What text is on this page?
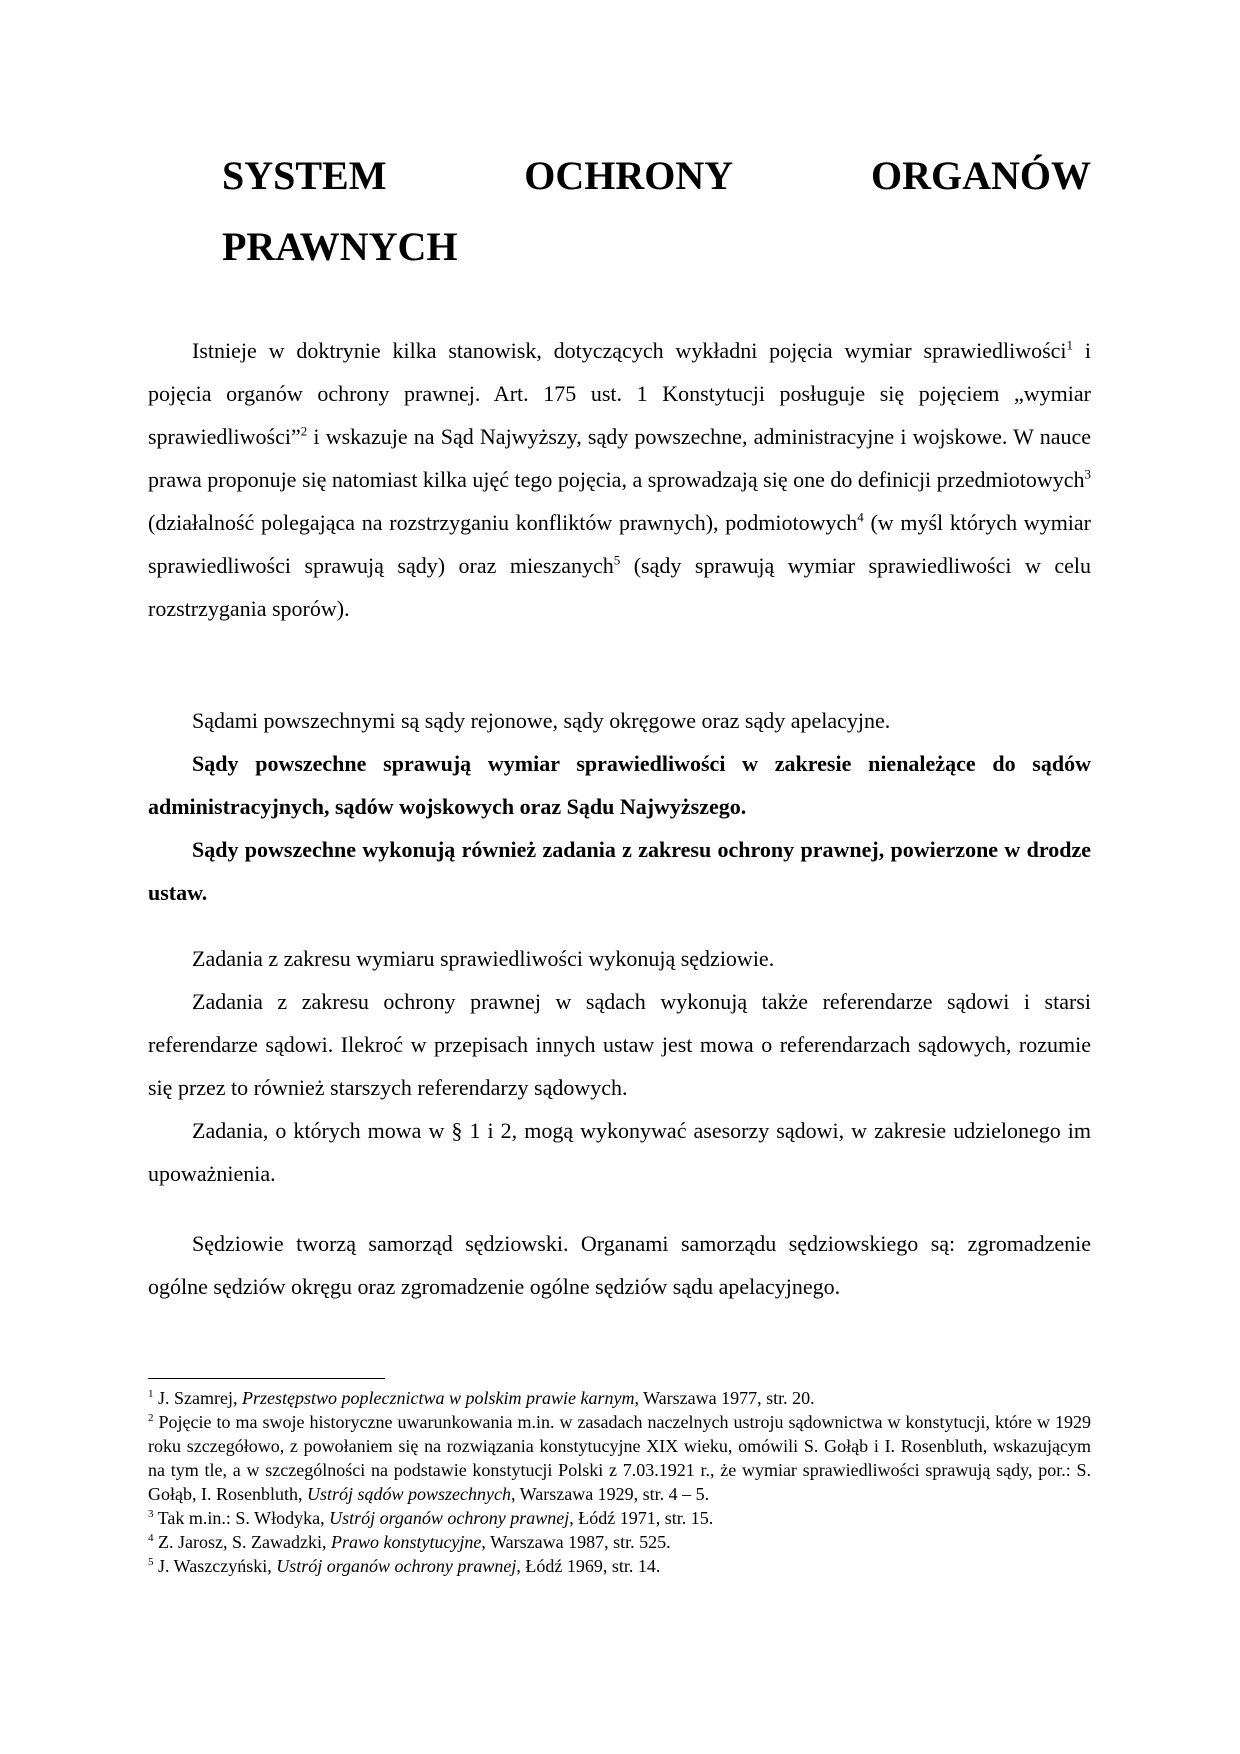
SYSTEM	OCHRONY	ORGANÓW
PRAWNYCH

Istnieje w doktrynie kilka stanowisk, dotyczących wykładni pojęcia wymiar sprawiedliwości$^1$ i pojęcia organów ochrony prawnej. Art. 175 ust. 1 Konstytucji posługuje się pojęciem „wymiar sprawiedliwości”$^2$ i wskazuje na Sąd Najwyższy, sądy powszechne, administracyjne i wojskowe. W nauce prawa proponuje się natomiast kilka ujęć tego pojęcia, a sprowadzają się one do definicji przedmiotowych$^3$ (działalność polegająca na rozstrzyganiu konfliktów prawnych), podmiotowych$^4$ (w myśl których wymiar sprawiedliwości sprawują sądy) oraz mieszanych$^5$ (sądy sprawują wymiar sprawiedliwości w celu rozstrzygania sporów).

Sądami powszechnymi są sądy rejonowe, sądy okręgowe oraz sądy apelacyjne.

Sądy powszechne sprawują wymiar sprawiedliwości w zakresie nienależące do sądów administracyjnych, sądów wojskowych oraz Sądu Najwyższego.

Sądy powszechne wykonują również zadania z zakresu ochrony prawnej, powierzone w drodze ustaw.

Zadania z zakresu wymiaru sprawiedliwości wykonują sędziowie.

Zadania z zakresu ochrony prawnej w sądach wykonują także referendarze sądowi i starsi referendarze sądowi. Ilekroć w przepisach innych ustaw jest mowa o referendarzach sądowych, rozumie się przez to również starszych referendarzy sądowych.

Zadania, o których mowa w § 1 i 2, mogą wykonywać asesorzy sądowi, w zakresie udzielonego im upoważnienia.

Sędziowie tworzą samorząd sędziowski. Organami samorządu sędziowskiego są: zgromadzenie ogólne sędziów okręgu oraz zgromadzenie ogólne sędziów sądu apelacyjnego.

$^1$ J. Szamrej, Przestępstwo poplecznictwa w polskim prawie karnym, Warszawa 1977, str. 20.

$^2$ Pojęcie to ma swoje historyczne uwarunkowania m.in. w zasadach naczelnych ustroju sądownictwa w konstytucji, które w 1929 roku szczegółowo, z powołaniem się na rozwiązania konstytucyjne XIX wieku, omówili S. Gołąb i I. Rosenbluth, wskazującym na tym tle, a w szczególności na podstawie konstytucji Polski z 7.03.1921 r., że wymiar sprawiedliwości sprawują sądy, por.: S. Gołąb, I. Rosenbluth, Ustrój sądów powszechnych, Warszawa 1929, str. 4 – 5.

$^3$ Tak m.in.: S. Włodyka, Ustrój organów ochrony prawnej, Łódź 1971, str. 15.

$^4$ Z. Jarosz, S. Zawadzki, Prawo konstytucyjne, Warszawa 1987, str. 525.

$^5$ J. Waszczyński, Ustrój organów ochrony prawnej, Łódź 1969, str. 14.
